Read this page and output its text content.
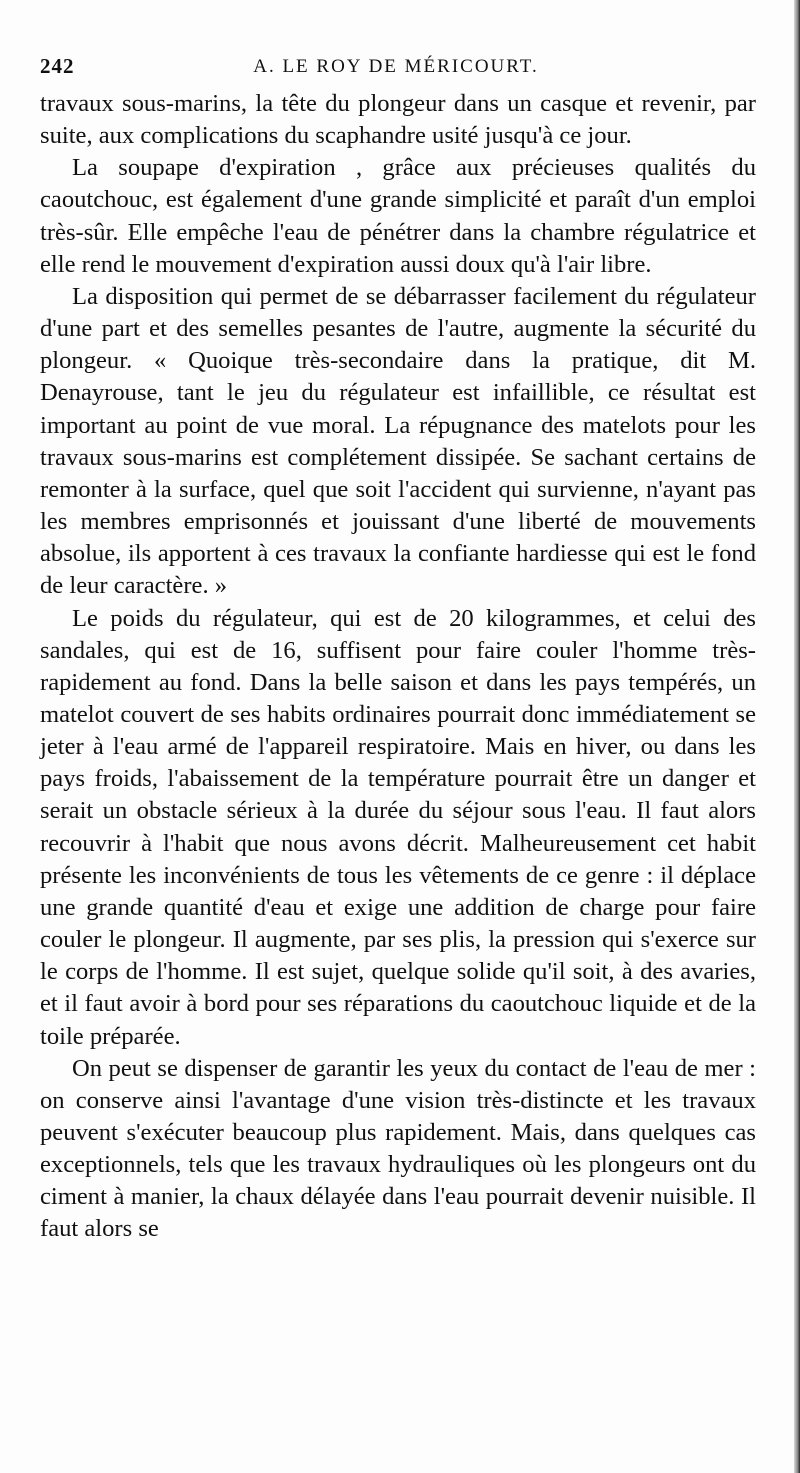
242	A. LE ROY DE MÉRICOURT.

travaux sous-marins, la tête du plongeur dans un casque et revenir, par suite, aux complications du scaphandre usité jusqu'à ce jour.

La soupape d'expiration , grâce aux précieuses qualités du caoutchouc, est également d'une grande simplicité et paraît d'un emploi très-sûr. Elle empêche l'eau de pénétrer dans la chambre régulatrice et elle rend le mouvement d'expiration aussi doux qu'à l'air libre.

La disposition qui permet de se débarrasser facilement du régulateur d'une part et des semelles pesantes de l'autre, augmente la sécurité du plongeur. « Quoique très-secondaire dans la pratique, dit M. Denayrouse, tant le jeu du régulateur est infaillible, ce résultat est important au point de vue moral. La répugnance des matelots pour les travaux sous-marins est complétement dissipée. Se sachant certains de remonter à la surface, quel que soit l'accident qui survienne, n'ayant pas les membres emprisonnés et jouissant d'une liberté de mouvements absolue, ils apportent à ces travaux la confiante hardiesse qui est le fond de leur caractère. »

Le poids du régulateur, qui est de 20 kilogrammes, et celui des sandales, qui est de 16, suffisent pour faire couler l'homme très-rapidement au fond. Dans la belle saison et dans les pays tempérés, un matelot couvert de ses habits ordinaires pourrait donc immédiatement se jeter à l'eau armé de l'appareil respiratoire. Mais en hiver, ou dans les pays froids, l'abaissement de la température pourrait être un danger et serait un obstacle sérieux à la durée du séjour sous l'eau. Il faut alors recouvrir à l'habit que nous avons décrit. Malheureusement cet habit présente les inconvénients de tous les vêtements de ce genre : il déplace une grande quantité d'eau et exige une addition de charge pour faire couler le plongeur. Il augmente, par ses plis, la pression qui s'exerce sur le corps de l'homme. Il est sujet, quelque solide qu'il soit, à des avaries, et il faut avoir à bord pour ses réparations du caoutchouc liquide et de la toile préparée.

On peut se dispenser de garantir les yeux du contact de l'eau de mer : on conserve ainsi l'avantage d'une vision très-distincte et les travaux peuvent s'exécuter beaucoup plus rapidement. Mais, dans quelques cas exceptionnels, tels que les travaux hydrauliques où les plongeurs ont du ciment à manier, la chaux délayée dans l'eau pourrait devenir nuisible. Il faut alors se
